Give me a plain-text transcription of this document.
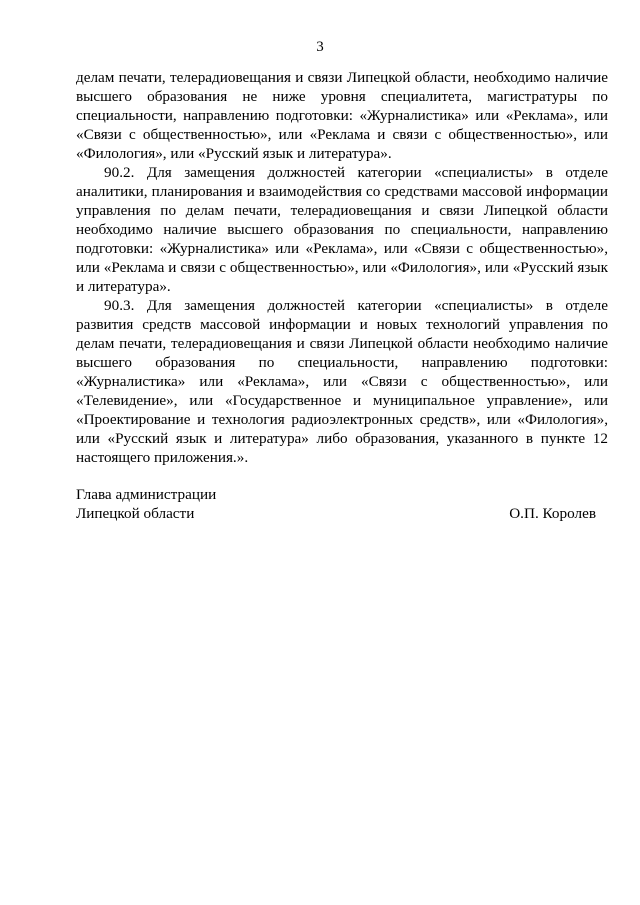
3

делам печати, телерадиовещания и связи Липецкой области, необходимо наличие высшего образования не ниже уровня специалитета, магистратуры по специальности, направлению подготовки: «Журналистика» или «Реклама», или «Связи с общественностью», или «Реклама и связи с общественностью», или «Филология», или «Русский язык и литература».

90.2. Для замещения должностей категории «специалисты» в отделе аналитики, планирования и взаимодействия со средствами массовой информации управления по делам печати, телерадиовещания и связи Липецкой области необходимо наличие высшего образования по специальности, направлению подготовки: «Журналистика» или «Реклама», или «Связи с общественностью», или «Реклама и связи с общественностью», или «Филология», или «Русский язык и литература».

90.3. Для замещения должностей категории «специалисты» в отделе развития средств массовой информации и новых технологий управления по делам печати, телерадиовещания и связи Липецкой области необходимо наличие высшего образования по специальности, направлению подготовки: «Журналистика» или «Реклама», или «Связи с общественностью», или «Телевидение», или «Государственное и муниципальное управление», или «Проектирование и технология радиоэлектронных средств», или «Филология», или «Русский язык и литература» либо образования, указанного в пункте 12 настоящего приложения.».

Глава администрации
Липецкой области	О.П. Королев
